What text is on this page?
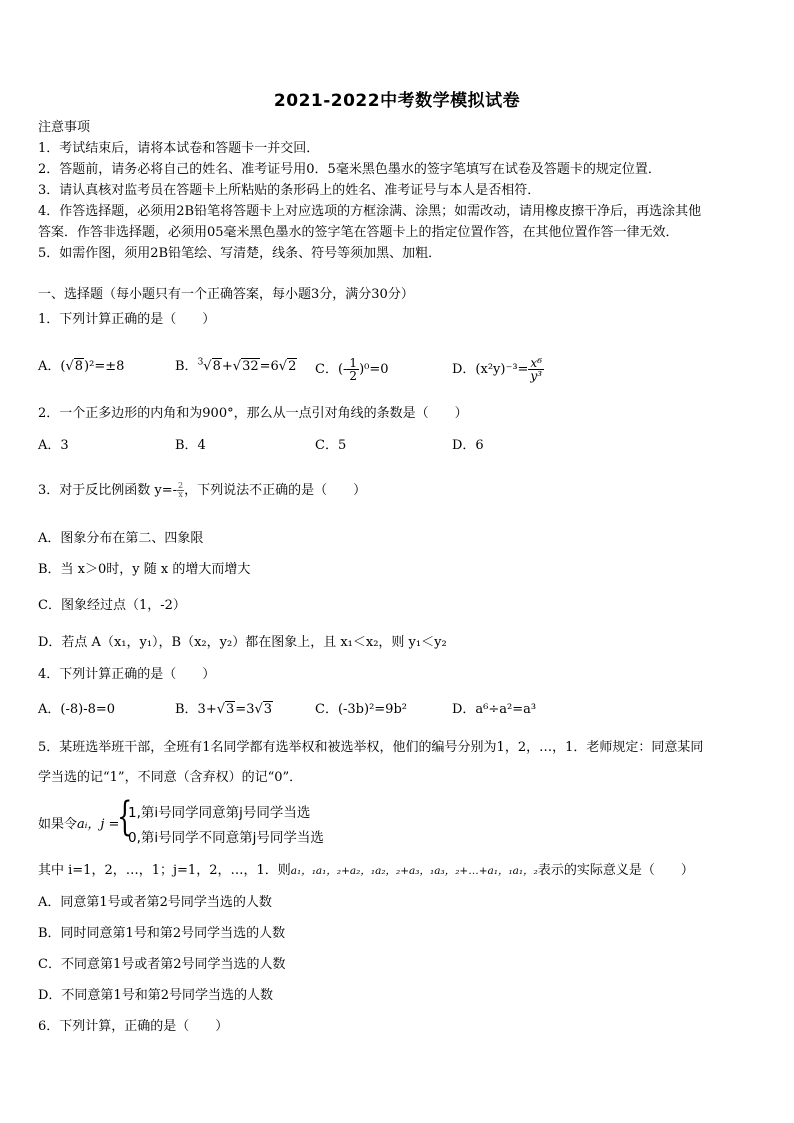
2021-2022中考数学模拟试卷
注意事项
1．考试结束后，请将本试卷和答题卡一并交回．
2．答题前，请务必将自己的姓名、准考证号用0．5毫米黑色墨水的签字笔填写在试卷及答题卡的规定位置．
3．请认真核对监考员在答题卡上所粘贴的条形码上的姓名、准考证号与本人是否相符．
4．作答选择题，必须用2B铅笔将答题卡上对应选项的方框涂满、涂黑；如需改动，请用橡皮擦干净后，再选涂其他
答案．作答非选择题，必须用05毫米黑色墨水的签字笔在答题卡上的指定位置作答，在其他位置作答一律无效．
5．如需作图，须用2B铅笔绘、写清楚，线条、符号等须加黑、加粗．
一、选择题（每小题只有一个正确答案，每小题3分，满分30分）
1．下列计算正确的是（　　）
A．(√8)²=±8	B．$^3$√8+√32=6√2 C．(- $\frac{1}{2} )^0=0$	D．$(x^2y)^{-3}= \frac{\text{x⁶}}{\text{y³}}$
2．一个正多边形的内角和为900°，那么从一点引对角线的条数是（　　）
A．3	B．4	C．5	D．6
3．对于反比例函数 $y=- \frac{2}{x}$ ，下列说法不正确的是（　　）
A．图象分布在第二、四象限
B．当 x＞0时，y 随 x 的增大而增大
C．图象经过点（1，-2）
D．若点 A（x₁，y₁），B（x₂，y₂）都在图象上，且 x₁＜x₂，则 y₁＜y₂
4．下列计算正确的是（　　）
A．(-8)-8=0	B．3+√3=3√3	C．(-3b)²=9b²	D．a⁶÷a²=a³
5．某班选举班干部，全班有1名同学都有选举权和被选举权，他们的编号分别为1，2，…，1．老师规定：同意某同
学当选的记“1”，不同意（含弃权）的记“0”．
如果令aᵢ，j =
{
1,第i号同学同意第j号同学当选
0,第i号同学不同意第j号同学当选
其中 i=1，2，…，1；j=1，2，…，1．则a₁，₁a₁，₂+a₂，₁a₂，₂+a₃，₁a₃，₂+…+a₁，₁a₁，₂表示的实际意义是（　　）
A．同意第1号或者第2号同学当选的人数
B．同时同意第1号和第2号同学当选的人数
C．不同意第1号或者第2号同学当选的人数
D．不同意第1号和第2号同学当选的人数
6．下列计算，正确的是（　　）
